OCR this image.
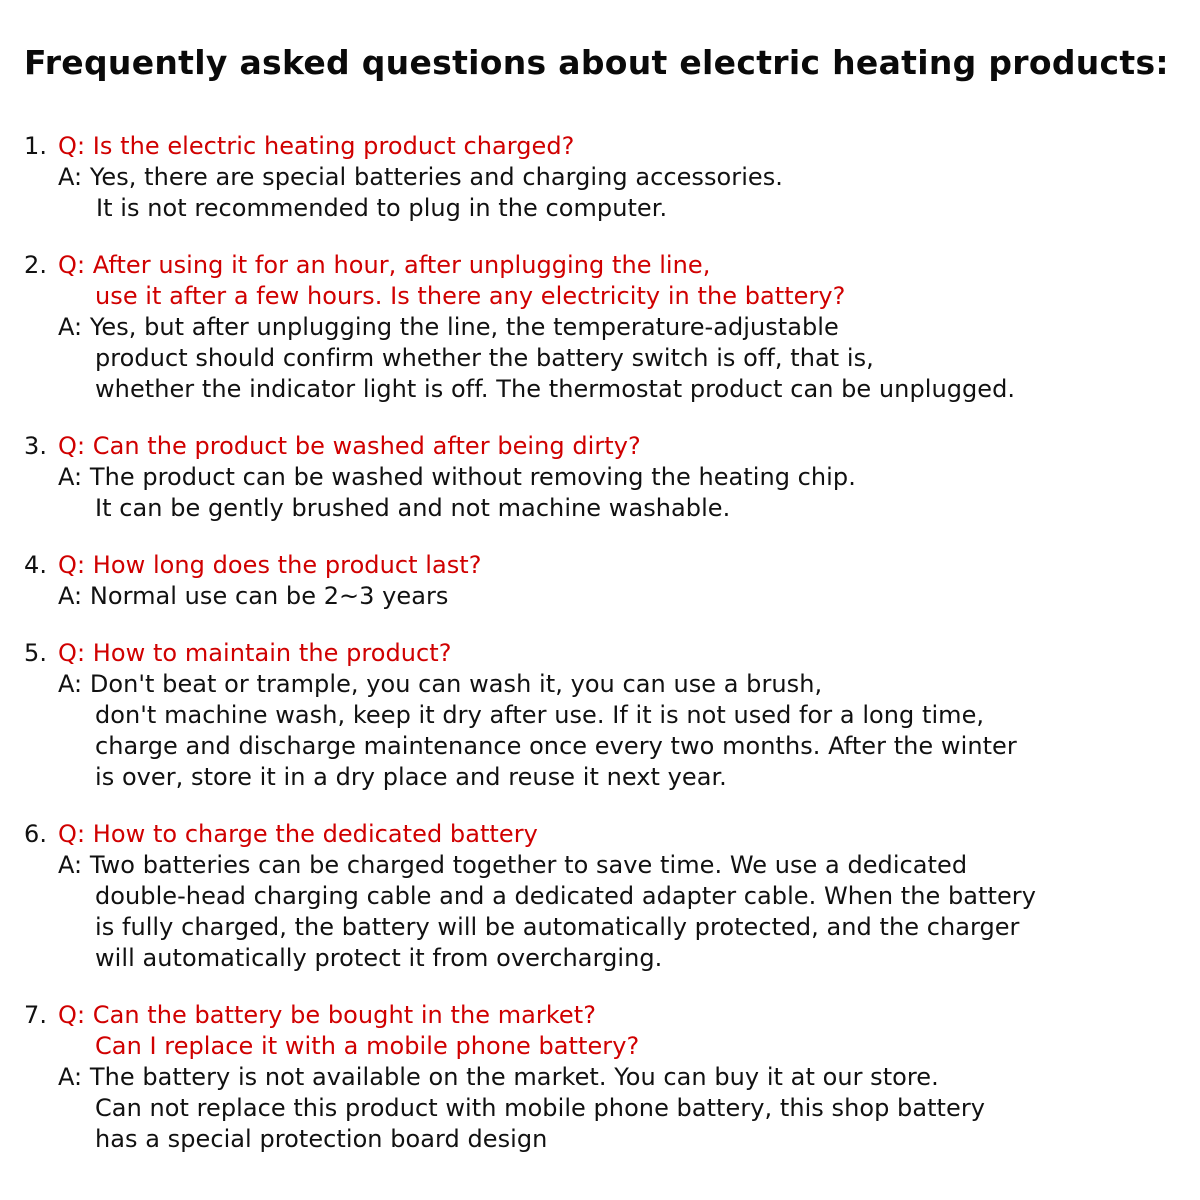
Frequently asked questions about electric heating products:
1. Q: Is the electric heating product charged?
A: Yes, there are special batteries and charging accessories.
It is not recommended to plug in the computer.
2. Q: After using it for an hour, after unplugging the line,
use it after a few hours. Is there any electricity in the battery?
A: Yes, but after unplugging the line, the temperature-adjustable
product should confirm whether the battery switch is off, that is,
whether the indicator light is off. The thermostat product can be unplugged.
3. Q: Can the product be washed after being dirty?
A: The product can be washed without removing the heating chip.
It can be gently brushed and not machine washable.
4. Q: How long does the product last?
A: Normal use can be 2~3 years
5. Q: How to maintain the product?
A: Don't beat or trample, you can wash it, you can use a brush,
don't machine wash, keep it dry after use. If it is not used for a long time,
charge and discharge maintenance once every two months. After the winter
is over, store it in a dry place and reuse it next year.
6. Q: How to charge the dedicated battery
A: Two batteries can be charged together to save time. We use a dedicated
double-head charging cable and a dedicated adapter cable. When the battery
is fully charged, the battery will be automatically protected, and the charger
will automatically protect it from overcharging.
7. Q: Can the battery be bought in the market?
Can I replace it with a mobile phone battery?
A: The battery is not available on the market. You can buy it at our store.
Can not replace this product with mobile phone battery, this shop battery
has a special protection board design
